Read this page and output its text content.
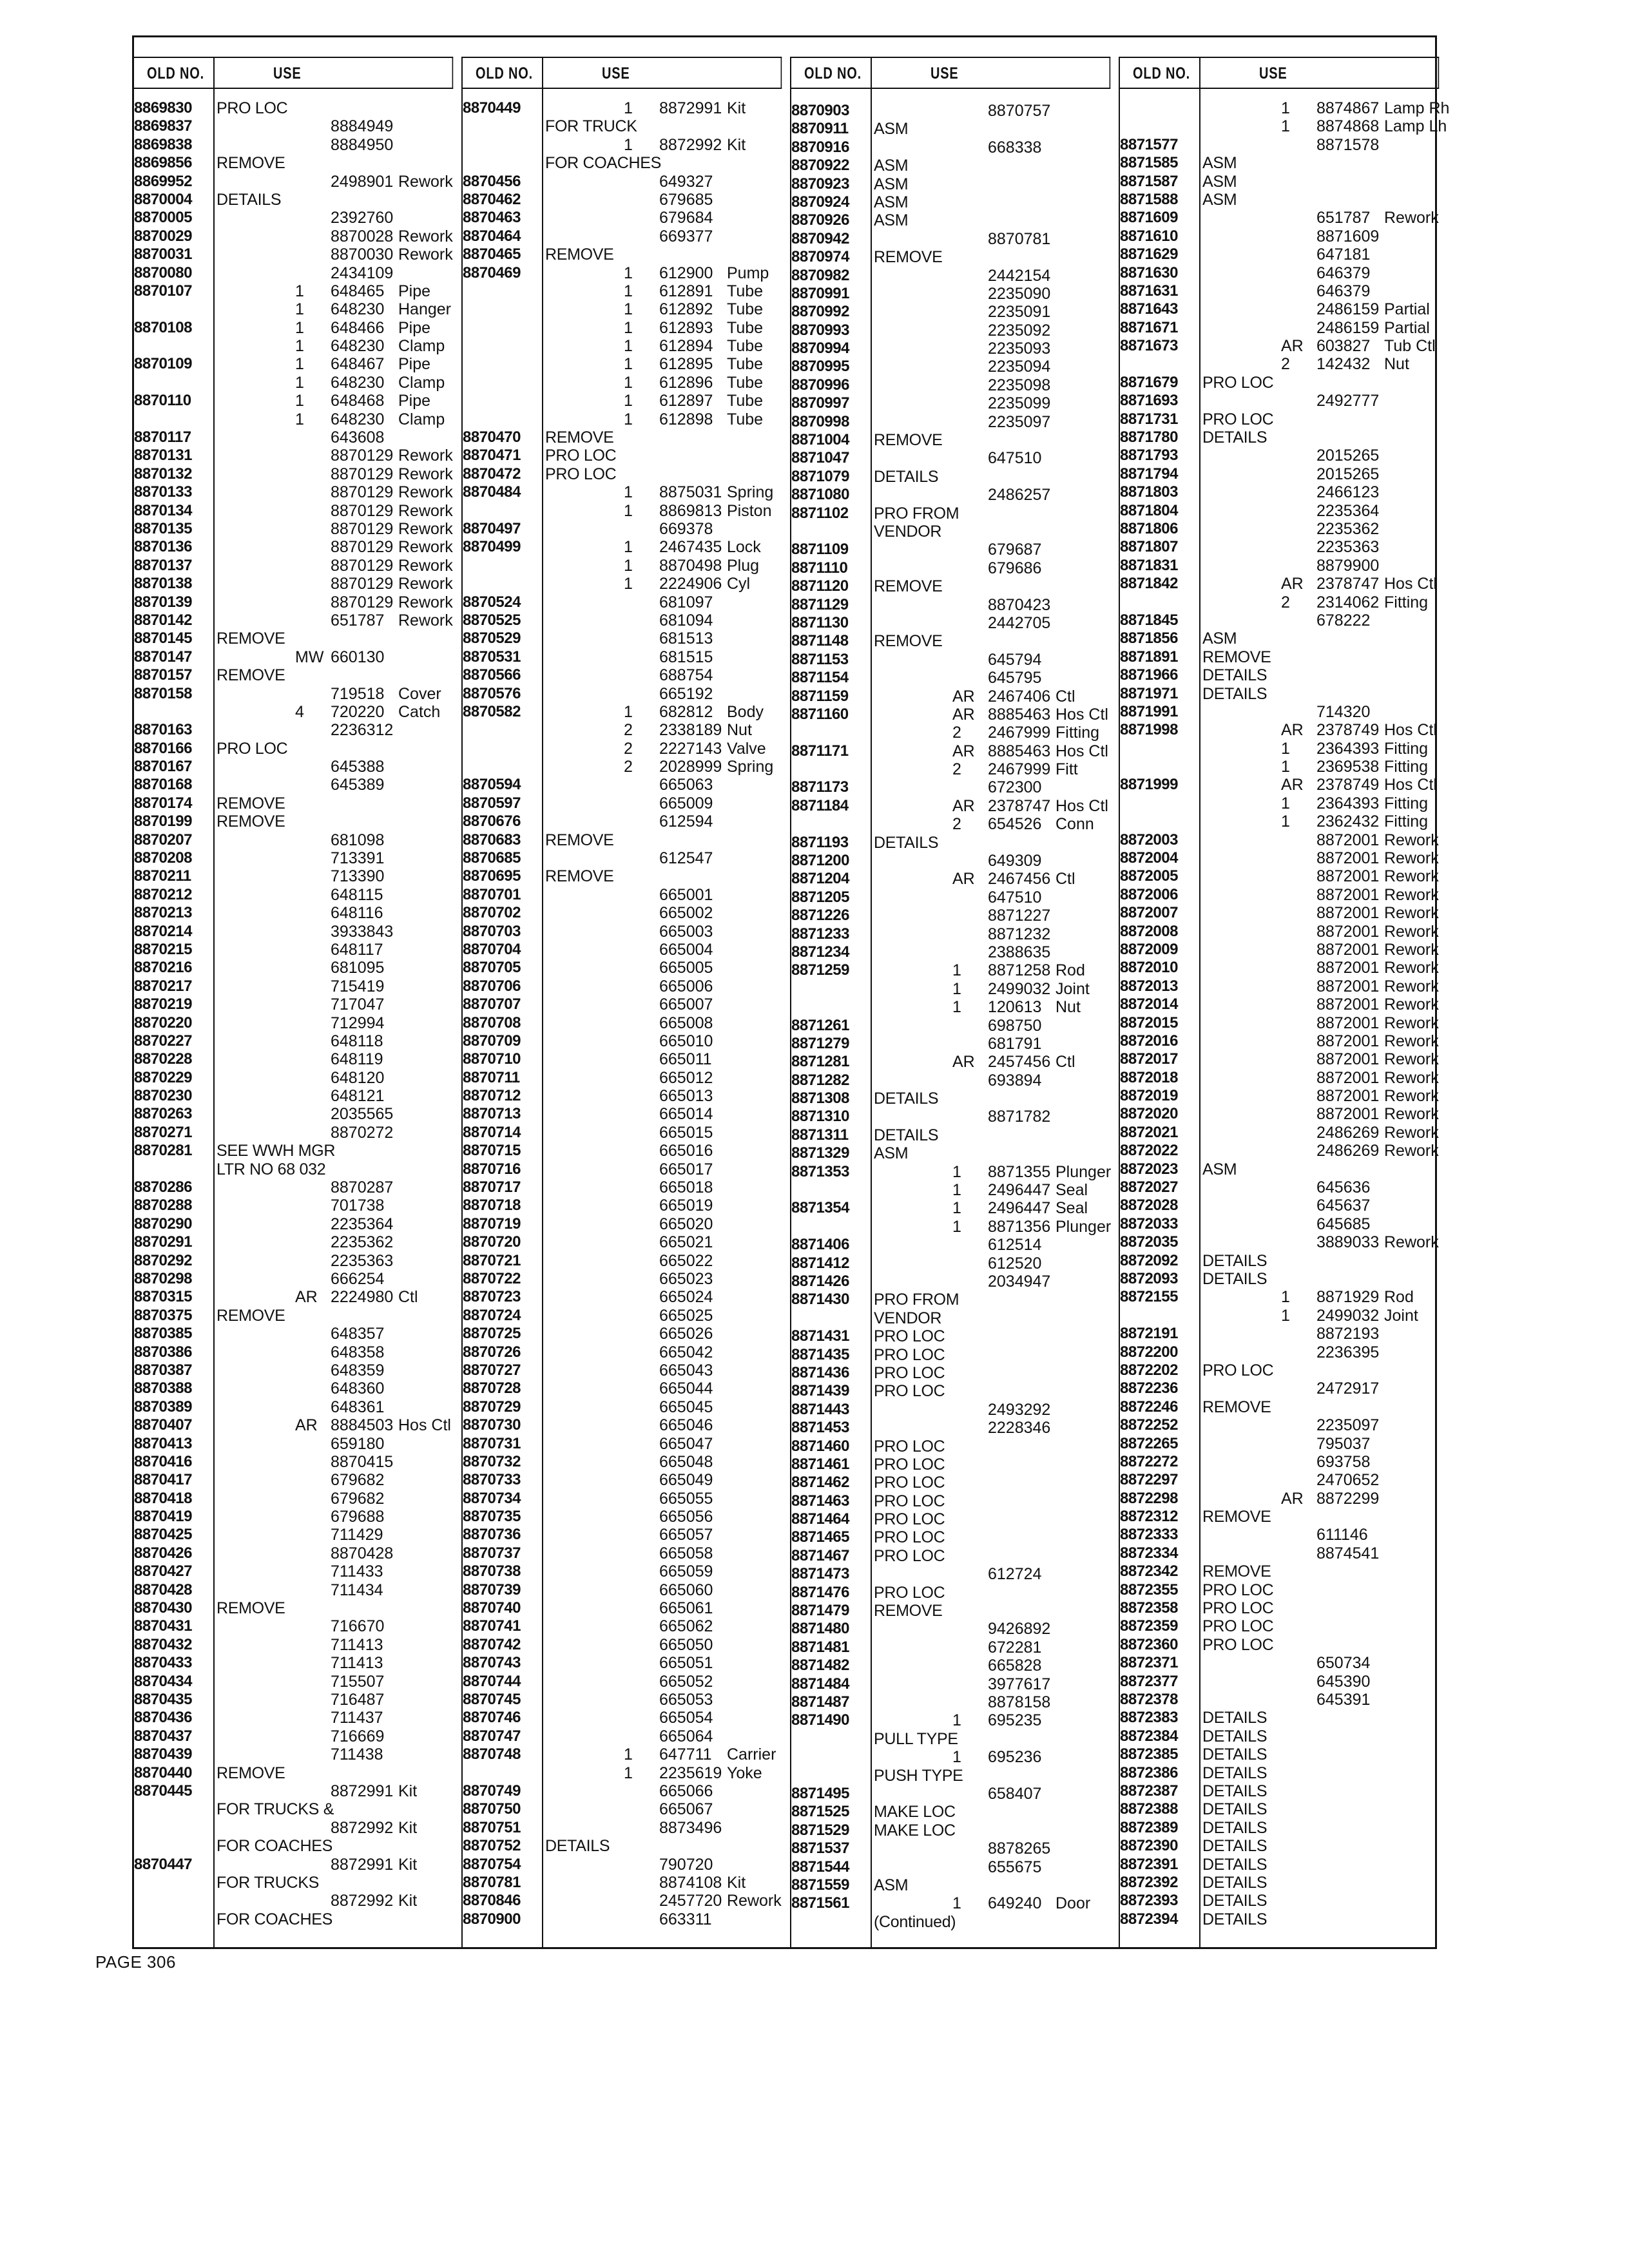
OLD NO.	USE
8869830 PRO LOC
8869837	8884949
8869838	8884950
8869856 REMOVE
8869952	2498901 Rework
8870004 DETAILS
8870005	2392760
8870029	8870028 Rework
8870031	8870030 Rework
8870080	2434109
8870107	1 648465 Pipe
1 648230 Hanger
8870108	1 648466 Pipe
1 648230 Clamp
8870109	1 648467 Pipe
1 648230 Clamp
8870110	1 648468 Pipe
1 648230 Clamp
8870117	643608
8870131	8870129 Rework
8870132	8870129 Rework
8870133	8870129 Rework
8870134	8870129 Rework
8870135	8870129 Rework
8870136	8870129 Rework
8870137	8870129 Rework
8870138	8870129 Rework
8870139	8870129 Rework
8870142	651787 Rework
8870145 REMOVE
8870147	MW 660130
8870157 REMOVE
8870158	719518 Cover
4 720220 Catch
8870163	2236312
8870166 PRO LOC
8870167	645388
8870168	645389
8870174 REMOVE
8870199 REMOVE
8870207	681098
8870208	713391
8870211	713390
8870212	648115
8870213	648116
8870214	3933843
8870215	648117
8870216	681095
8870217	715419
8870219	717047
8870220	712994
8870227	648118
8870228	648119
8870229	648120
8870230	648121
8870263	2035565
8870271	8870272
8870281 SEE WWH MGR
LTR NO 68 032
8870286	8870287
8870288	701738
8870290	2235364
8870291	2235362
8870292	2235363
8870298	666254
8870315	AR 2224980 Ctl
8870375 REMOVE
8870385	648357
8870386	648358
8870387	648359
8870388	648360
8870389	648361
8870407	AR 8884503 Hos Ctl
8870413	659180
8870416	8870415
8870417	679682
8870418	679682
8870419	679688
8870425	711429
8870426	8870428
8870427	711433
8870428	711434
8870430 REMOVE
8870431	716670
8870432	711413
8870433	711413
8870434	715507
8870435	716487
8870436	711437
8870437	716669
8870439	711438
8870440 REMOVE
8870445	8872991 Kit
FOR TRUCKS &
8872992 Kit
FOR COACHES
8870447	8872991 Kit
FOR TRUCKS
8872992 Kit
FOR COACHES
OLD NO.	USE
8870449	1 8872991 Kit
FOR TRUCK
1 8872992 Kit
FOR COACHES
8870456	649327
8870462	679685
8870463	679684
8870464	669377
8870465 REMOVE
8870469	1 612900 Pump
1 612891 Tube
1 612892 Tube
1 612893 Tube
1 612894 Tube
1 612895 Tube
1 612896 Tube
1 612897 Tube
1 612898 Tube
8870470 REMOVE
8870471 PRO LOC
8870472 PRO LOC
8870484	1 8875031 Spring
1 8869813 Piston
8870497	669378
8870499	1 2467435 Lock
1 8870498 Plug
1 2224906 Cyl
8870524	681097
8870525	681094
8870529	681513
8870531	681515
8870566	688754
8870576	665192
8870582	1 682812 Body
2 2338189 Nut
2 2227143 Valve
2 2028999 Spring
8870594	665063
8870597	665009
8870676	612594
8870683 REMOVE
8870685	612547
8870695 REMOVE
8870701	665001
8870702	665002
8870703	665003
8870704	665004
8870705	665005
8870706	665006
8870707	665007
8870708	665008
8870709	665010
8870710	665011
8870711	665012
8870712	665013
8870713	665014
8870714	665015
8870715	665016
8870716	665017
8870717	665018
8870718	665019
8870719	665020
8870720	665021
8870721	665022
8870722	665023
8870723	665024
8870724	665025
8870725	665026
8870726	665042
8870727	665043
8870728	665044
8870729	665045
8870730	665046
8870731	665047
8870732	665048
8870733	665049
8870734	665055
8870735	665056
8870736	665057
8870737	665058
8870738	665059
8870739	665060
8870740	665061
8870741	665062
8870742	665050
8870743	665051
8870744	665052
8870745	665053
8870746	665054
8870747	665064
8870748	1 647711 Carrier
1 2235619 Yoke
8870749	665066
8870750	665067
8870751	8873496
8870752 DETAILS
8870754	790720
8870781	8874108 Kit
8870846	2457720 Rework
8870900	663311
OLD NO.	USE
8870903	8870757
8870911 ASM
8870916	668338
8870922 ASM
8870923 ASM
8870924 ASM
8870926 ASM
8870942	8870781
8870974 REMOVE
8870982	2442154
8870991	2235090
8870992	2235091
8870993	2235092
8870994	2235093
8870995	2235094
8870996	2235098
8870997	2235099
8870998	2235097
8871004 REMOVE
8871047	647510
8871079 DETAILS
8871080	2486257
8871102 PRO FROM
VENDOR
8871109	679687
8871110	679686
8871120 REMOVE
8871129	8870423
8871130	2442705
8871148 REMOVE
8871153	645794
8871154	645795
8871159	AR 2467406 Ctl
8871160	AR 8885463 Hos Ctl
2 2467999 Fitting
8871171	AR 8885463 Hos Ctl
2 2467999 Fitt
8871173	672300
8871184	AR 2378747 Hos Ctl
2 654526 Conn
8871193 DETAILS
8871200	649309
8871204	AR 2467456 Ctl
8871205	647510
8871226	8871227
8871233	8871232
8871234	2388635
8871259	1 8871258 Rod
1 2499032 Joint
1 120613 Nut
8871261	698750
8871279	681791
8871281	AR 2457456 Ctl
8871282	693894
8871308 DETAILS
8871310	8871782
8871311 DETAILS
8871329 ASM
8871353	1 8871355 Plunger
1 2496447 Seal
8871354	1 2496447 Seal
1 8871356 Plunger
8871406	612514
8871412	612520
8871426	2034947
8871430 PRO FROM
VENDOR
8871431 PRO LOC
8871435 PRO LOC
8871436 PRO LOC
8871439 PRO LOC
8871443	2493292
8871453	2228346
8871460 PRO LOC
8871461 PRO LOC
8871462 PRO LOC
8871463 PRO LOC
8871464 PRO LOC
8871465 PRO LOC
8871467 PRO LOC
8871473	612724
8871476 PRO LOC
8871479 REMOVE
8871480	9426892
8871481	672281
8871482	665828
8871484	3977617
8871487	8878158
8871490	1 695235
PULL TYPE
1 695236
PUSH TYPE
8871495	658407
8871525 MAKE LOC
8871529 MAKE LOC
8871537	8878265
8871544	655675
8871559 ASM
8871561	1 649240 Door
(Continued)
OLD NO.	USE
1 8874867 Lamp Rh
1 8874868 Lamp Lh
8871577	8871578
8871585 ASM
8871587 ASM
8871588 ASM
8871609	651787 Rework
8871610	8871609
8871629	647181
8871630	646379
8871631	646379
8871643	2486159 Partial
8871671	2486159 Partial
8871673	AR 603827 Tub Ctl
2 142432 Nut
8871679 PRO LOC
8871693	2492777
8871731 PRO LOC
8871780 DETAILS
8871793	2015265
8871794	2015265
8871803	2466123
8871804	2235364
8871806	2235362
8871807	2235363
8871831	8879900
8871842	AR 2378747 Hos Ctl
2 2314062 Fitting
8871845	678222
8871856 ASM
8871891 REMOVE
8871966 DETAILS
8871971 DETAILS
8871991	714320
8871998	AR 2378749 Hos Ctl
1 2364393 Fitting
1 2369538 Fitting
8871999	AR 2378749 Hos Ctl
1 2364393 Fitting
1 2362432 Fitting
8872003	8872001 Rework
8872004	8872001 Rework
8872005	8872001 Rework
8872006	8872001 Rework
8872007	8872001 Rework
8872008	8872001 Rework
8872009	8872001 Rework
8872010	8872001 Rework
8872013	8872001 Rework
8872014	8872001 Rework
8872015	8872001 Rework
8872016	8872001 Rework
8872017	8872001 Rework
8872018	8872001 Rework
8872019	8872001 Rework
8872020	8872001 Rework
8872021	2486269 Rework
8872022	2486269 Rework
8872023 ASM
8872027	645636
8872028	645637
8872033	645685
8872035	3889033 Rework
8872092 DETAILS
8872093 DETAILS
8872155	1 8871929 Rod
1 2499032 Joint
8872191	8872193
8872200	2236395
8872202 PRO LOC
8872236	2472917
8872246 REMOVE
8872252	2235097
8872265	795037
8872272	693758
8872297	2470652
8872298	AR 8872299
8872312 REMOVE
8872333	611146
8872334	8874541
8872342 REMOVE
8872355 PRO LOC
8872358 PRO LOC
8872359 PRO LOC
8872360 PRO LOC
8872371	650734
8872377	645390
8872378	645391
8872383 DETAILS
8872384 DETAILS
8872385 DETAILS
8872386 DETAILS
8872387 DETAILS
8872388 DETAILS
8872389 DETAILS
8872390 DETAILS
8872391 DETAILS
8872392 DETAILS
8872393 DETAILS
8872394 DETAILS
PAGE 306
